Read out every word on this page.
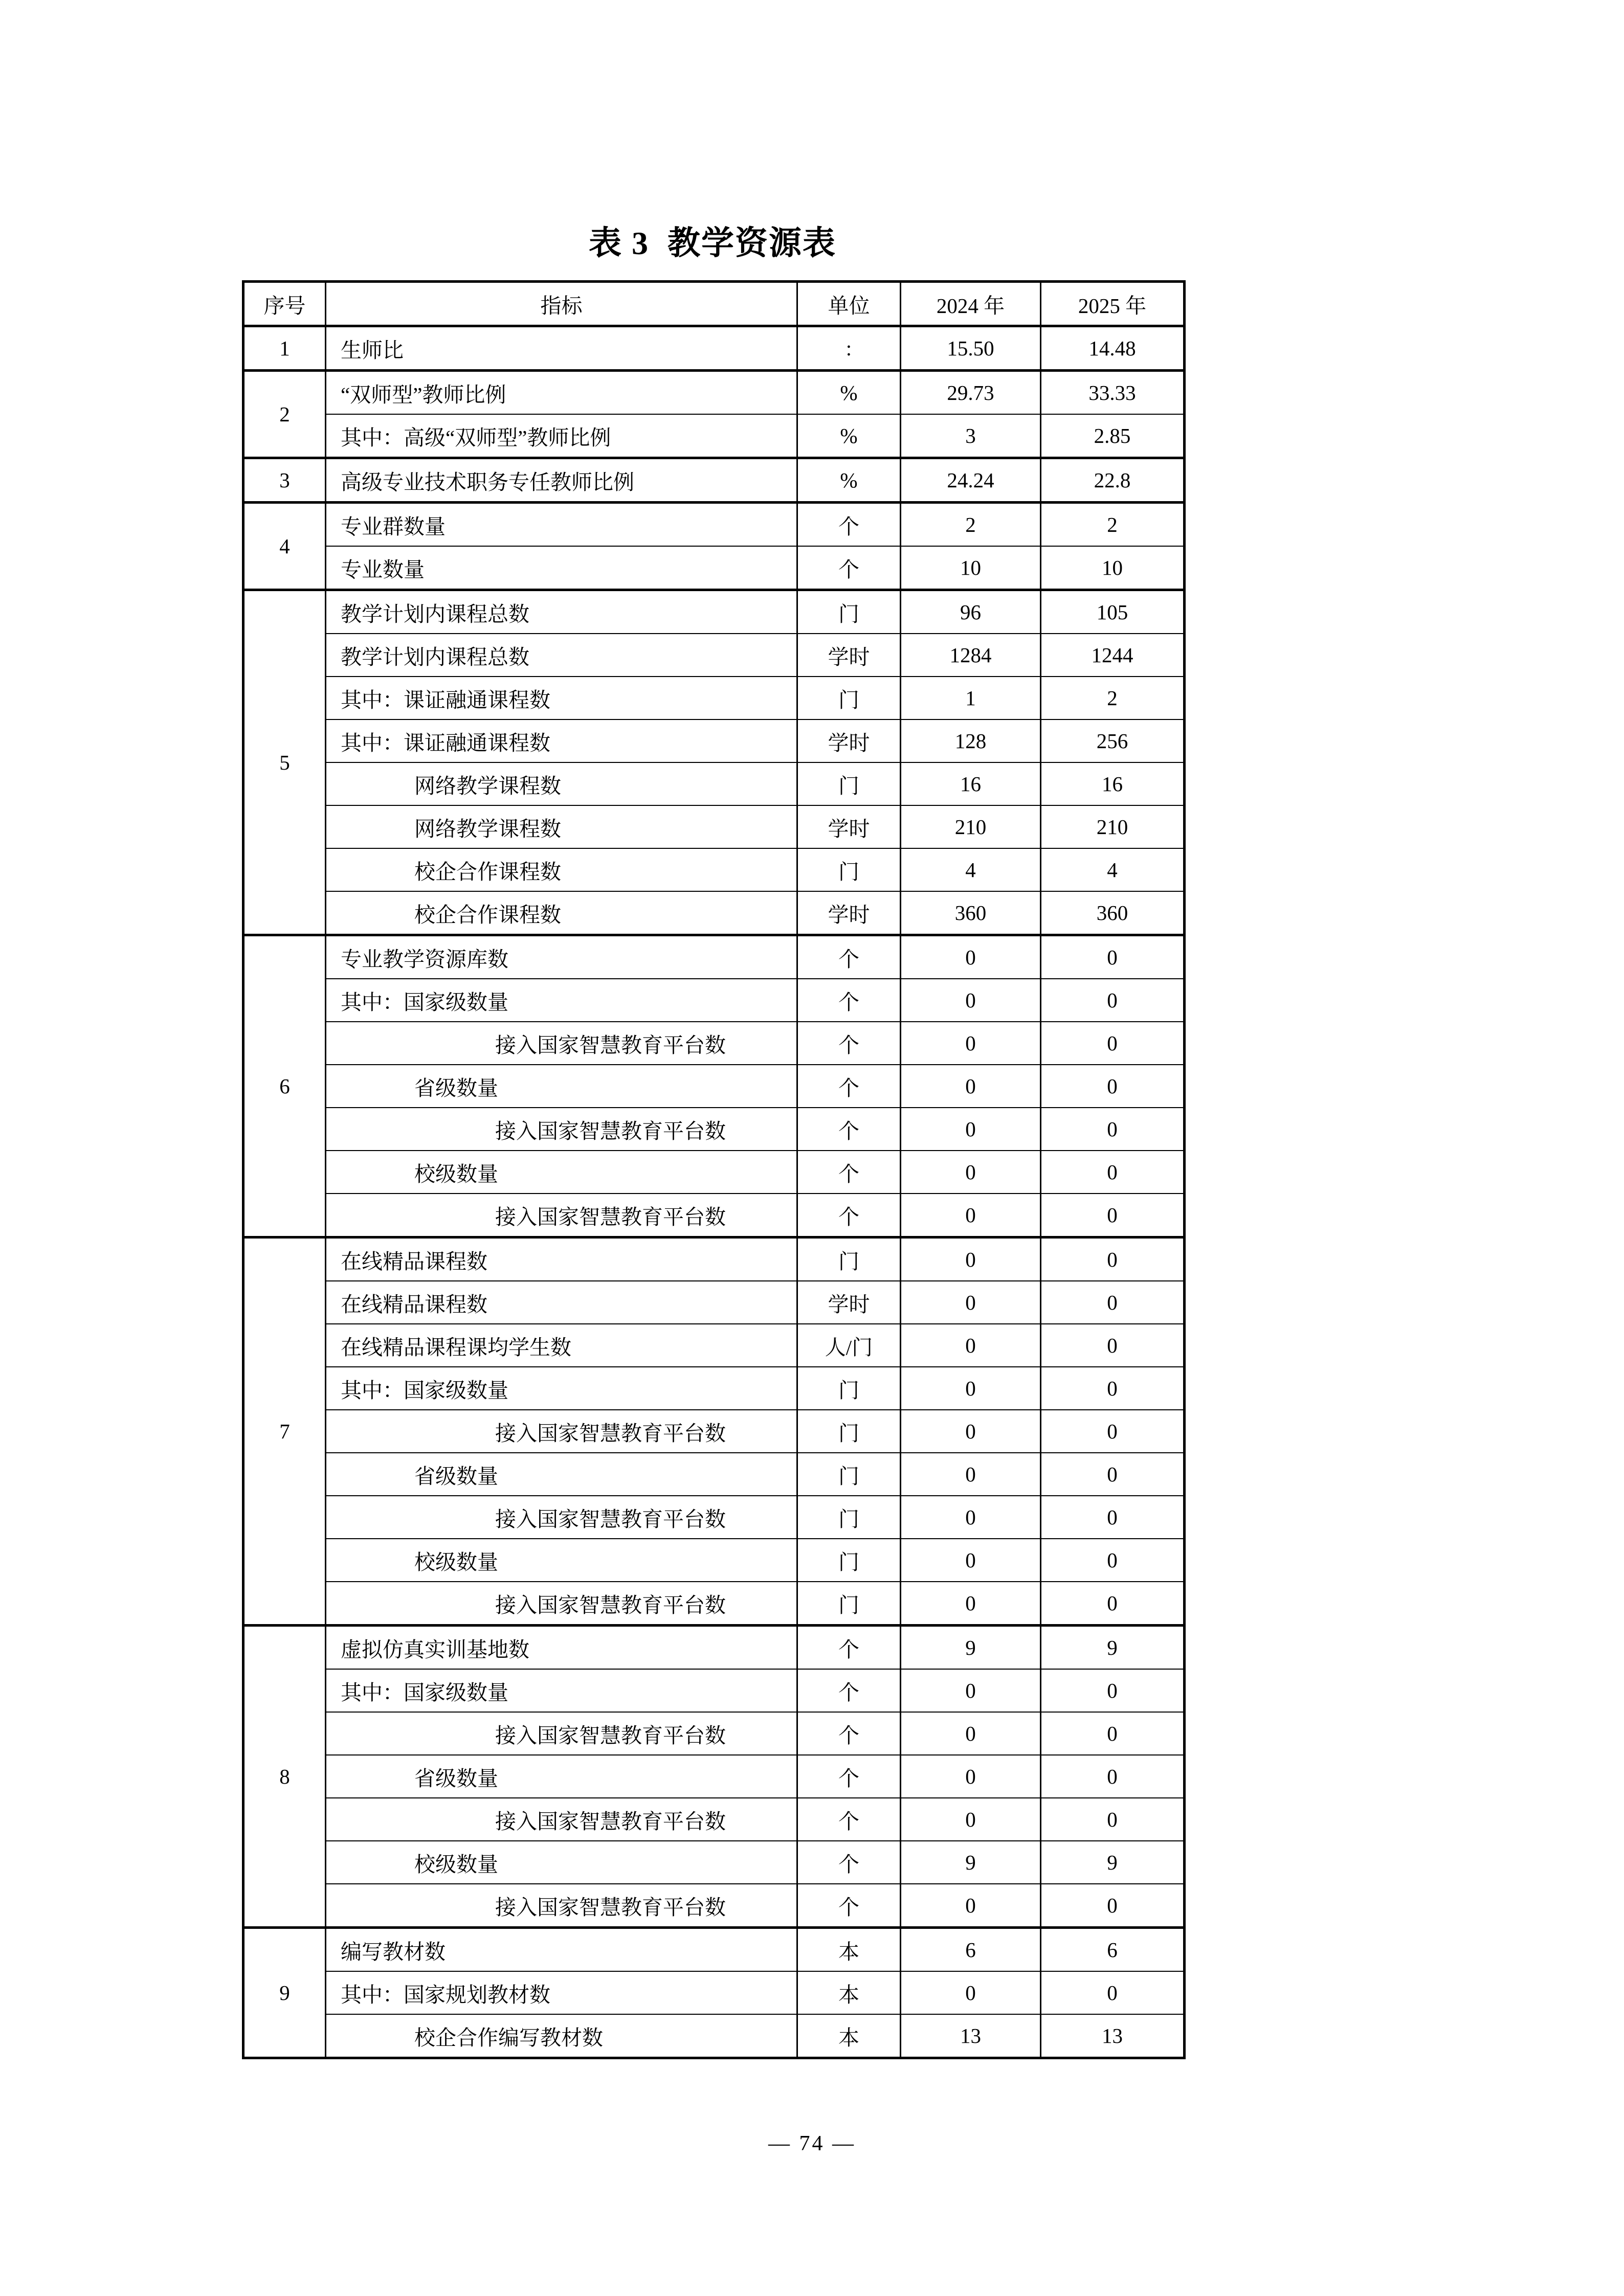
表 3  教学资源表
序号	指标	单位	2024 年	2025 年
1	生师比	:	15.50	14.48
2	“双师型”教师比例	%	29.73	33.33
	其中：高级“双师型”教师比例	%	3	2.85
3	高级专业技术职务专任教师比例	%	24.24	22.8
4	专业群数量	个	2	2
	专业数量	个	10	10
5	教学计划内课程总数	门	96	105
	教学计划内课程总数	学时	1284	1244
	其中：课证融通课程数	门	1	2
	其中：课证融通课程数	学时	128	256
	网络教学课程数	门	16	16
	网络教学课程数	学时	210	210
	校企合作课程数	门	4	4
	校企合作课程数	学时	360	360
6	专业教学资源库数	个	0	0
	其中：国家级数量	个	0	0
	接入国家智慧教育平台数	个	0	0
	省级数量	个	0	0
	接入国家智慧教育平台数	个	0	0
	校级数量	个	0	0
	接入国家智慧教育平台数	个	0	0
7	在线精品课程数	门	0	0
	在线精品课程数	学时	0	0
	在线精品课程课均学生数	人/门	0	0
	其中：国家级数量	门	0	0
	接入国家智慧教育平台数	门	0	0
	省级数量	门	0	0
	接入国家智慧教育平台数	门	0	0
	校级数量	门	0	0
	接入国家智慧教育平台数	门	0	0
8	虚拟仿真实训基地数	个	9	9
	其中：国家级数量	个	0	0
	接入国家智慧教育平台数	个	0	0
	省级数量	个	0	0
	接入国家智慧教育平台数	个	0	0
	校级数量	个	9	9
	接入国家智慧教育平台数	个	0	0
9	编写教材数	本	6	6
	其中：国家规划教材数	本	0	0
	校企合作编写教材数	本	13	13
— 74 —
